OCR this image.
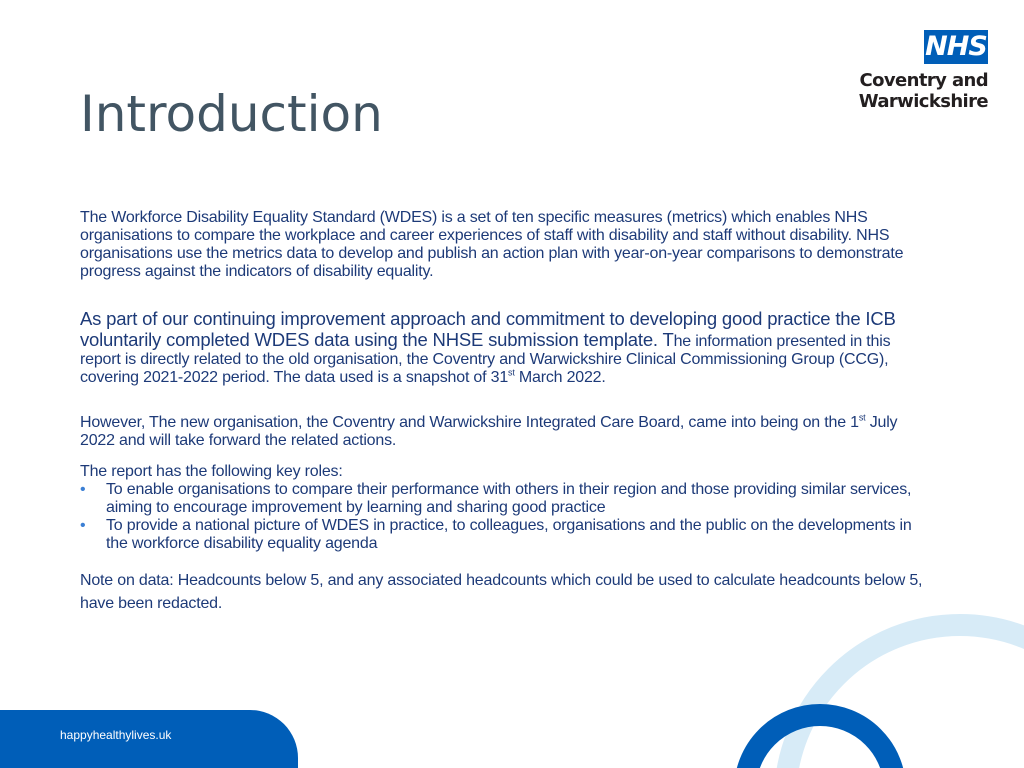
NHS
Coventry and
Warwickshire
Introduction

The Workforce Disability Equality Standard (WDES) is a set of ten specific measures (metrics) which enables NHS organisations to compare the workplace and career experiences of staff with disability and staff without disability. NHS organisations use the metrics data to develop and publish an action plan with year-on-year comparisons to demonstrate progress against the indicators of disability equality.

As part of our continuing improvement approach and commitment to developing good practice the ICB voluntarily completed WDES data using the NHSE submission template. The information presented in this report is directly related to the old organisation, the Coventry and Warwickshire Clinical Commissioning Group (CCG), covering 2021-2022 period. The data used is a snapshot of 31st March 2022.

However, The new organisation, the Coventry and Warwickshire Integrated Care Board, came into being on the 1st July 2022 and will take forward the related actions.

The report has the following key roles:

• To enable organisations to compare their performance with others in their region and those providing similar services, aiming to encourage improvement by learning and sharing good practice
• To provide a national picture of WDES in practice, to colleagues, organisations and the public on the developments in the workforce disability equality agenda

Note on data: Headcounts below 5, and any associated headcounts which could be used to calculate headcounts below 5, have been redacted.

happyhealthylives.uk
